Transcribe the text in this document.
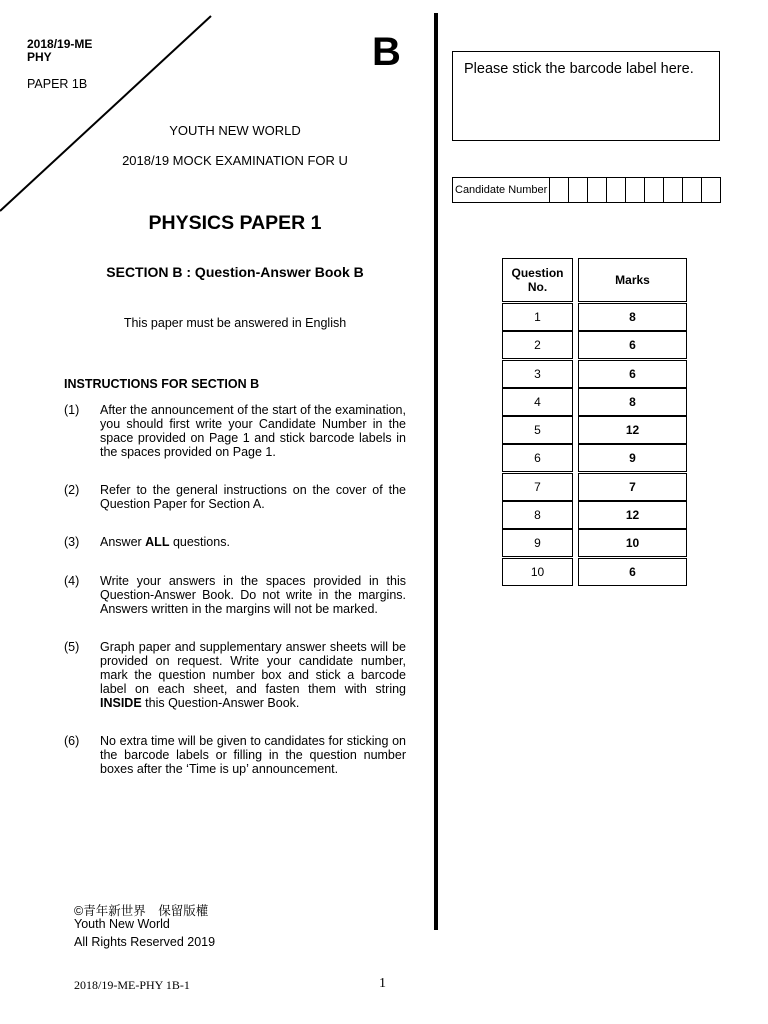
2018/19-ME
PHY
PAPER 1B
B
YOUTH NEW WORLD
2018/19 MOCK EXAMINATION FOR U
PHYSICS PAPER 1
SECTION B : Question-Answer Book B
This paper must be answered in English
INSTRUCTIONS FOR SECTION B
(1) After the announcement of the start of the examination, you should first write your Candidate Number in the space provided on Page 1 and stick barcode labels in the spaces provided on Page 1.
(2) Refer to the general instructions on the cover of the Question Paper for Section A.
(3) Answer ALL questions.
(4) Write your answers in the spaces provided in this Question-Answer Book. Do not write in the margins. Answers written in the margins will not be marked.
(5) Graph paper and supplementary answer sheets will be provided on request. Write your candidate number, mark the question number box and stick a barcode label on each sheet, and fasten them with string INSIDE this Question-Answer Book.
(6) No extra time will be given to candidates for sticking on the barcode labels or filling in the question number boxes after the ‘Time is up’ announcement.
Please stick the barcode label here.
Candidate Number
Question No.	Marks
1	8
2	6
3	6
4	8
5	12
6	9
7	7
8	12
9	10
10	6
©青年新世界　保留版權
Youth New World
All Rights Reserved 2019
2018/19-ME-PHY 1B-1	1
